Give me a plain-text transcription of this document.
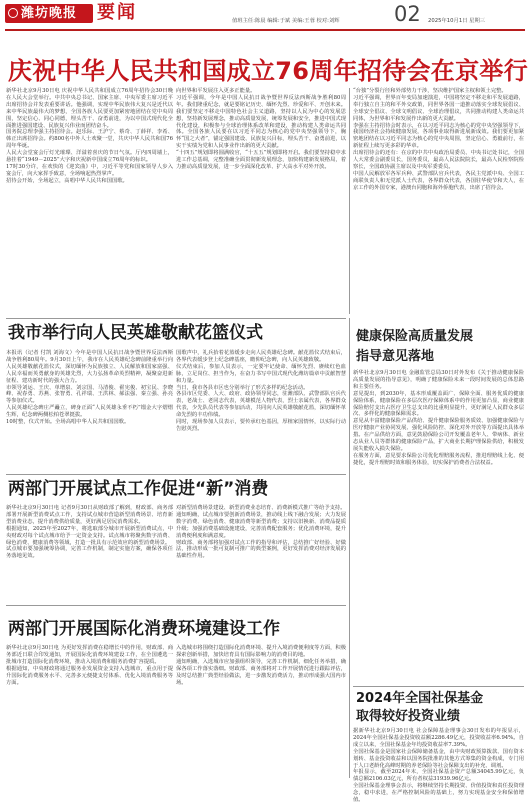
潍坊晚报 要闻	值班主任:陈晨 编辑:于斌 美编:王蓉 校对:刘辉	02 2025年10月1日 星期三
庆祝中华人民共和国成立76周年招待会在京举行
新华社北京9月30日电 庆祝中华人民共和国成立76周年招待会30日晚在人民大会堂举行。中共中央总书记、国家主席、中央军委主席习近平出席招待会并发表重要讲话。他强调，实现中华民族伟大复兴是近代以来中华民族最伟大的梦想，全国各族人民要更加紧密地团结在党中央周围，坚定信心、同心同德，埋头苦干、奋勇前进，为以中国式现代化全面推进强国建设、民族复兴伟业而团结奋斗。
国务院总理李强主持招待会。赵乐际、王沪宁、蔡奇、丁薛祥、李希、韩正出席招待会。约800名中外人士欢聚一堂，共庆中华人民共和国76周年华诞。
人民大会堂宴会厅灯光璀璨、洋溢着喜庆的节日气氛。厅内四周墙上，悬挂着“1949－2025”大字和庆祝新中国成立76周年的标识。
17时30分许，在欢快的《迎宾曲》中，习近平等党和国家领导人步入宴会厅，向大家挥手致意，全场响起热烈掌声。
招待会开始，全场起立，高唱中华人民共和国国歌。
向世界和平发展注入更多正能量。
习近平强调，今年是中国人民抗日战争暨世界反法西斯战争胜利80周年。我们隆重纪念，就是要铭记历史、缅怀先烈、珍爱和平、开创未来。我们要坚定不移走中国特色社会主义道路，坚持以人民为中心的发展思想，坚持新发展理念，推动高质量发展，统筹发展和安全，推进中国式现代化建设，积极参与全球治理体系改革和建设，推动构建人类命运共同体。全国各族人民要在以习近平同志为核心的党中央坚强领导下，胸怀“国之大者”，锚定强国建设、民族复兴目标，埋头苦干、奋勇前进，以实干实绩为党和人民事业作出新的更大贡献。
“十四五”规划即将圆满收官，“十五五”规划即将开启。我们要坚持稳中求进工作总基调，完整准确全面贯彻新发展理念，加快构建新发展格局，着力推动高质量发展，进一步全面深化改革、扩大高水平对外开放。
“台独”分裂行径和外部势力干涉，坚决维护国家主权和领土完整。
习近平强调，世界百年变局加速演进，中国将坚定不移走和平发展道路，奉行独立自主的和平外交政策，同世界各国一道推动落实全球发展倡议、全球安全倡议、全球文明倡议、全球治理倡议，共同推动构建人类命运共同体，为世界和平和发展作出新的更大贡献。
李强在主持招待会时表示，在以习近平同志为核心的党中央坚强领导下，我国经济社会持续健康发展，各项事业取得新进展新成效。我们要更加紧密地团结在以习近平同志为核心的党中央周围，坚定信心、勇毅前行，在新征程上续写更多彩的华章。
出席招待会的还有：在京的中共中央政治局委员、中央书记处书记，全国人大常委会副委员长，国务委员，最高人民法院院长，最高人民检察院检察长，全国政协副主席以及中央军委委员。
中国人民解放军各军兵种、武警部队官兵代表，各民主党派中央、全国工商联负责人和无党派人士代表，各界群众代表，各国驻华使节和夫人，在京工作的外国专家，港澳台同胞和海外侨胞代表，出席了招待会。
我市举行向人民英雄敬献花篮仪式
本报讯（记者 付凯 刘海文）今年是中国人民抗日战争暨世界反法西斯战争胜利80周年。9月30日上午，我市在人民英雄纪念碑前隆重举行向人民英雄敬献花篮仪式，深切缅怀为民族独立、人民解放和国家富强、人民幸福而英勇献身的英雄先烈，大力弘扬革命英烈精神，凝聚奋进新征程、建功新时代的强大合力。
市领导刘运、王庆、单增泉、刘宗国、马清俊、翟宪俊、初宝民、李晓峰、祝春勇、苏燕、张智勇、孔祥瑞、王洪林、郝法强、秦立强、孙亮等参加仪式。
人民英雄纪念碑庄严矗立，碑身正面“人民英雄永垂不朽”镏金大字熠熠生辉，纪念碑两侧松柏苍翠挺拔。
10时整，仪式开始。全场高唱中华人民共和国国歌。
国歌声中，礼兵抬着花篮缓步走向人民英雄纪念碑。献花篮仪式结束后，各界代表缓步登上纪念碑基座，瞻仰纪念碑，向人民英雄致敬。
仪式结束后，参加人员表示，一定要牢记使命、缅怀先烈、赓续红色血脉，立足岗位、担当作为，在奋力书写中国式现代化潍坊篇章中贡献智慧和力量。
当日，我市各县市区也分别举行了形式多样的纪念活动。
各县市区党委、人大、政府、政协领导同志，驻潍部队、武警部队官兵代表，老战士、老同志代表，英雄模范人物代表，烈士亲属代表，各界群众代表，少先队员代表等参加活动，共同向人民英雄敬献花篮，深切缅怀革命先烈的丰功伟绩。
同时，现场参加人员表示，要传承红色基因，厚植家国情怀，以实际行动告慰英烈。
两部门开展试点工作促进“新”消费
新华社北京9月30日电 记者9月30日从财政部了解到，财政部、商务部部署开展新型消费试点工作，支持试点城市营造新型消费场景、培育新型消费业态，提升消费供给质量，更好满足居民消费需求。
根据通知，2025年至2027年，将选取部分城市开展新型消费试点，中央财政对每个试点城市给予一定资金支持。试点城市将聚焦数字消费、绿色消费、健康消费等领域，打造一批具有示范效应的新型消费场景。
试点城市要加强统筹协调，完善工作机制，制定实施方案，确保各项任务落地见效。
对新型消费场景建设、新型消费业态培育、消费新模式推广等给予支持。
通知明确，试点城市要创新消费场景，推动线上线下融合发展；大力发展数字消费、绿色消费、健康消费等新型消费；支持以旧换新、消费品提质升级；加强消费基础设施建设，完善消费配套服务；优化消费环境，提升消费便利度和满意度。
财政部、商务部将加强对试点工作的指导和评估，总结推广好经验、好做法，推动形成一批可复制可推广的典型案例，更好发挥消费对经济发展的基础性作用。
两部门开展国际化消费环境建设工作
新华社北京9月30日电 为更好发挥消费在稳增长中的作用，财政部、商务部近日联合印发通知，开展国际化消费环境建设工作，在全国遴选一批城市打造国际化消费环境，推动入境消费和服务消费扩容提质。
根据通知，中央财政将通过服务业发展资金支持入选城市，重点用于提升国际化消费服务水平、完善多元便捷支付体系、优化入境消费服务等方面。
入选城市将围绕打造国际化消费环境、提升入境消费便利度等方面，积极探索创新举措，加快培育具有国际影响力的消费目的地。
通知明确，入选城市应加强组织领导，完善工作机制，细化任务举措，确保各项工作落实落细。财政部、商务部将对工作开展情况进行跟踪评估，及时总结推广典型经验做法，进一步激发消费活力，推动形成强大国内市场。
健康保险高质量发展
指导意见落地
新华社北京9月30日电 金融监管总局30日对外发布《关于推动健康保险高质量发展的指导意见》，明确了健康保险未来一段时间发展的总体思路和主要任务。
意见提出，到2030年，基本形成覆盖面广、保障全面、服务优质的健康保险体系，健康保险在多层次医疗保障体系中的作用更加凸显，商业健康保险赔付支出占医疗卫生总支出的比重明显提升，更好满足人民群众多层次、多样化的健康保障需求。
意见从丰富健康保险产品供给、提升健康保险服务质效、加强健康保险与医疗健康产业协同发展、强化风险防控、深化对外开放等方面提出具体举措。在产品供给方面，意见鼓励保险公司开发覆盖老年人、带病体、新业态从业人员等群体的健康保险产品，扩大商业长期护理保险供给，积极发展失能收入损失保险。
在服务方面，意见要求保险公司优化理赔服务流程，推进理赔线上化、便捷化，提升理赔时效和服务体验，切实保护消费者合法权益。
2024年全国社保基金
取得较好投资业绩
据新华社北京9月30日电 社会保障基金理事会30日发布的年报显示，2024年全国社保基金投资收益额2286.49亿元，投资收益率6.94%。自成立以来，全国社保基金年均投资收益率7.39%。
全国社保基金是国家社会保障储备基金，由中央财政预算拨款、国有资本划转、基金投资收益和以国务院批准的其他方式筹集的资金构成，专门用于人口老龄化高峰时期的养老保险等社会保障支出的补充、调剂。
年报显示，截至2024年末，全国社保基金资产总额34045.99亿元，负债总额2106.03亿元，所有者权益31939.96亿元。
全国社保基金理事会表示，将继续坚持长期投资、价值投资和责任投资理念，稳中求进，在严格控制风险的基础上，努力实现基金安全和保值增值。
